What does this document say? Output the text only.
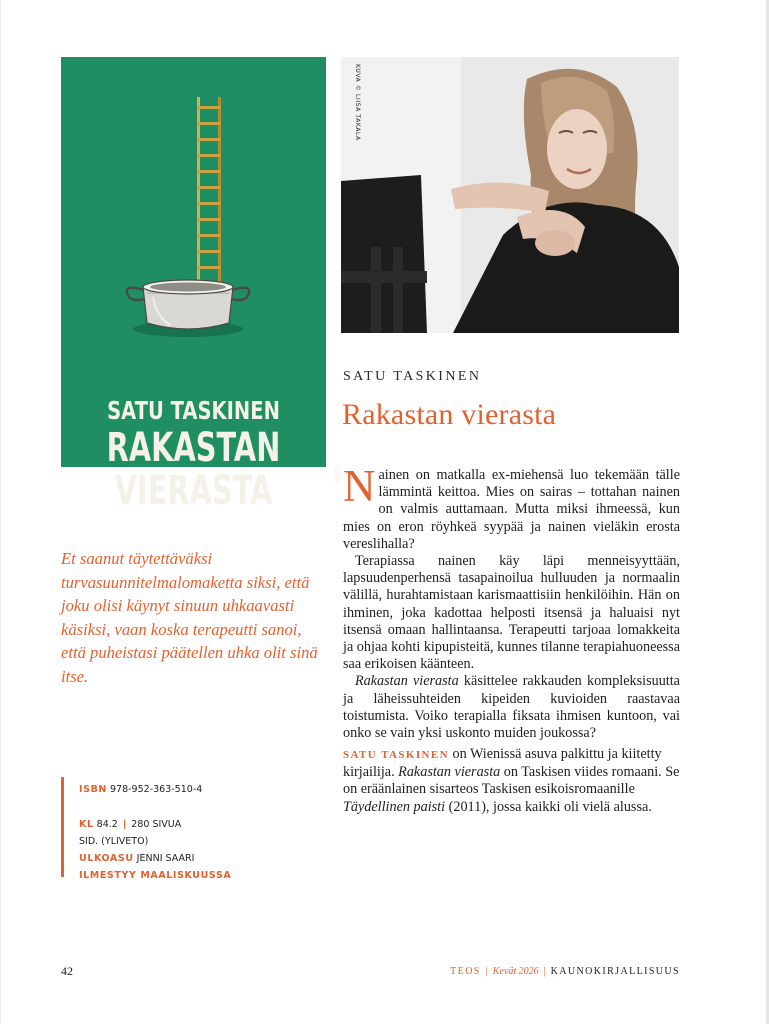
SATU TASKINEN
RAKASTAN
VIERASTA	TEOS
KUVA © LIISA TAKALA
SATU TASKINEN
Rakastan vierasta

Nainen on matkalla ex-miehensä luo tekemään tälle lämmintä keittoa. Mies on sairas – tottahan nainen on valmis auttamaan. Mutta miksi ihmeessä, kun mies on eron röyhkeä syypää ja nainen vieläkin erosta vereslihalla?

Terapiassa nainen käy läpi menneisyyttään, lapsuudenperhensä tasapainoilua hulluuden ja normaalin välillä, hurahtamistaan karismaattisiin henkilöihin. Hän on ihminen, joka kadottaa helposti itsensä ja haluaisi nyt itsensä omaan hallintaansa. Terapeutti tarjoaa lomakkeita ja ohjaa kohti kipupisteitä, kunnes tilanne terapiahuoneessa saa erikoisen käänteen.

Rakastan vierasta käsittelee rakkauden kompleksisuutta ja läheissuhteiden kipeiden kuvioiden raastavaa toistumista. Voiko terapialla fiksata ihmisen kuntoon, vai onko se vain yksi uskonto muiden joukossa?

SATU TASKINEN on Wienissä asuva palkittu ja kiitetty kirjailija. Rakastan vierasta on Taskisen viides romaani. Se on eräänlainen sisarteos Taskisen esikoisromaanille Täydellinen paisti (2011), jossa kaikki oli vielä alussa.
Et saanut täytettäväksi turvasuunnitelmalomaketta siksi, että joku olisi käynyt sinuun uhkaavasti käsiksi, vaan koska terapeutti sanoi, että puheistasi päätellen uhka olit sinä itse.
ISBN 978-952-363-510-4
KL 84.2 | 280 SIVUA
SID. (YLIVETO)
ULKOASU JENNI SAARI
ILMESTYY MAALISKUUSSA
42	TEOS | Kevät 2026 | KAUNOKIRJALLISUUS
